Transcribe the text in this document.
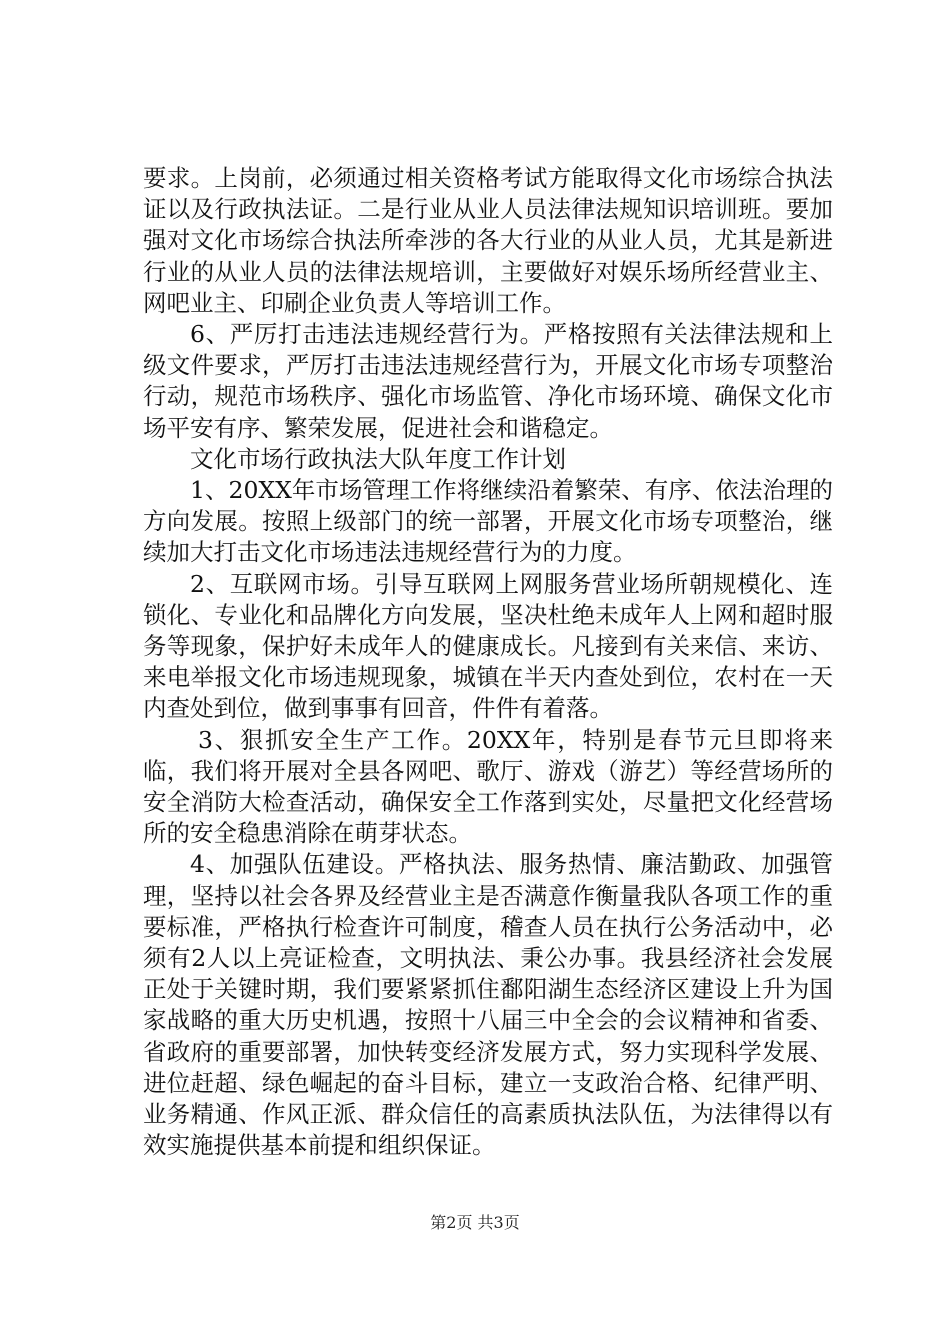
要求。上岗前，必须通过相关资格考试方能取得文化市场综合执法证以及行政执法证。二是行业从业人员法律法规知识培训班。要加强对文化市场综合执法所牵涉的各大行业的从业人员，尤其是新进行业的从业人员的法律法规培训，主要做好对娱乐场所经营业主、网吧业主、印刷企业负责人等培训工作。

6、严厉打击违法违规经营行为。严格按照有关法律法规和上级文件要求，严厉打击违法违规经营行为，开展文化市场专项整治行动，规范市场秩序、强化市场监管、净化市场环境、确保文化市场平安有序、繁荣发展，促进社会和谐稳定。

文化市场行政执法大队年度工作计划

1、20XX年市场管理工作将继续沿着繁荣、有序、依法治理的方向发展。按照上级部门的统一部署，开展文化市场专项整治，继续加大打击文化市场违法违规经营行为的力度。

2、互联网市场。引导互联网上网服务营业场所朝规模化、连锁化、专业化和品牌化方向发展，坚决杜绝未成年人上网和超时服务等现象，保护好未成年人的健康成长。凡接到有关来信、来访、来电举报文化市场违规现象，城镇在半天内查处到位，农村在一天内查处到位，做到事事有回音，件件有着落。

3、狠抓安全生产工作。20XX年，特别是春节元旦即将来临，我们将开展对全县各网吧、歌厅、游戏（游艺）等经营场所的安全消防大检查活动，确保安全工作落到实处，尽量把文化经营场所的安全稳患消除在萌芽状态。

4、加强队伍建设。严格执法、服务热情、廉洁勤政、加强管理，坚持以社会各界及经营业主是否满意作衡量我队各项工作的重要标准，严格执行检查许可制度，稽查人员在执行公务活动中，必须有2人以上亮证检查，文明执法、秉公办事。我县经济社会发展正处于关键时期，我们要紧紧抓住鄱阳湖生态经济区建设上升为国家战略的重大历史机遇，按照十八届三中全会的会议精神和省委、省政府的重要部署，加快转变经济发展方式，努力实现科学发展、进位赶超、绿色崛起的奋斗目标，建立一支政治合格、纪律严明、业务精通、作风正派、群众信任的高素质执法队伍，为法律得以有效实施提供基本前提和组织保证。

第2页 共3页
